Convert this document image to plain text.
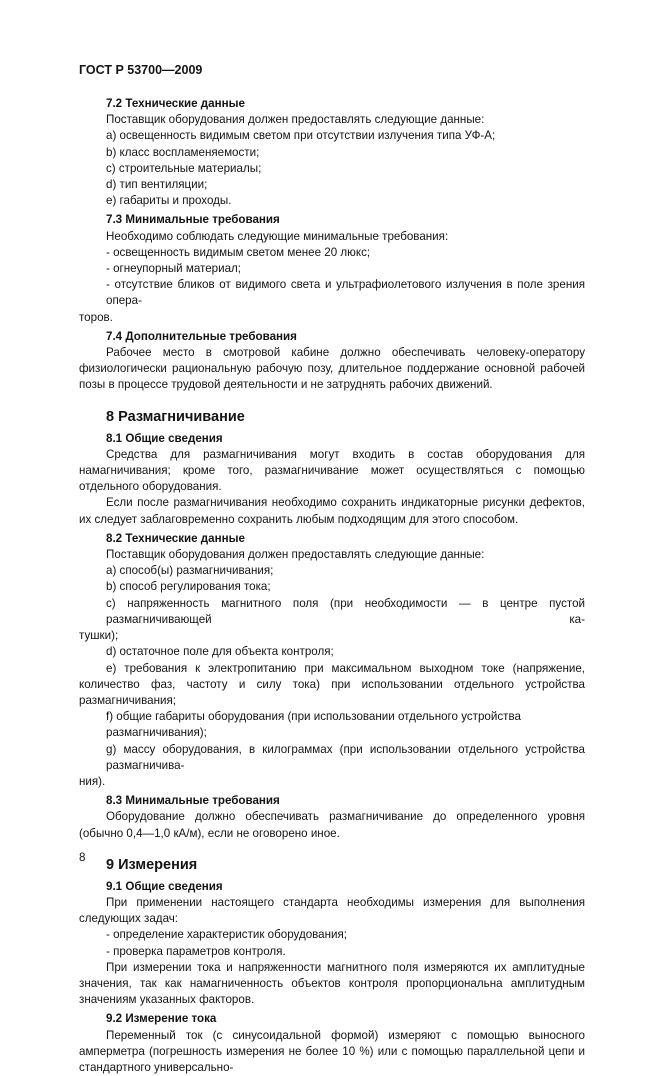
ГОСТ Р 53700—2009
7.2 Технические данные
Поставщик оборудования должен предоставлять следующие данные:
a) освещенность видимым светом при отсутствии излучения типа УФ-А;
b) класс воспламеняемости;
c) строительные материалы;
d) тип вентиляции;
e) габариты и проходы.
7.3 Минимальные требования
Необходимо соблюдать следующие минимальные требования:
- освещенность видимым светом менее 20 люкс;
- огнеупорный материал;
- отсутствие бликов от видимого света и ультрафиолетового излучения в поле зрения опера-
торов.
7.4 Дополнительные требования
Рабочее место в смотровой кабине должно обеспечивать человеку-оператору физиологически рациональную рабочую позу, длительное поддержание основной рабочей позы в процессе трудовой деятельности и не затруднять рабочих движений.
8 Размагничивание
8.1 Общие сведения
Средства для размагничивания могут входить в состав оборудования для намагничивания; кроме того, размагничивание может осуществляться с помощью отдельного оборудования.
Если после размагничивания необходимо сохранить индикаторные рисунки дефектов, их следует заблаговременно сохранить любым подходящим для этого способом.
8.2 Технические данные
Поставщик оборудования должен предоставлять следующие данные:
a) способ(ы) размагничивания;
b) способ регулирования тока;
c) напряженность магнитного поля (при необходимости — в центре пустой размагничивающей ка-
тушки);
d) остаточное поле для объекта контроля;
e) требования к электропитанию при максимальном выходном токе (напряжение, количество фаз, частоту и силу тока) при использовании отдельного устройства размагничивания;
f) общие габариты оборудования (при использовании отдельного устройства размагничивания);
g) массу оборудования, в килограммах (при использовании отдельного устройства размагничива-
ния).
8.3 Минимальные требования
Оборудование должно обеспечивать размагничивание до определенного уровня (обычно 0,4—1,0 кА/м), если не оговорено иное.
9 Измерения
9.1 Общие сведения
При применении настоящего стандарта необходимы измерения для выполнения следующих задач:
- определение характеристик оборудования;
- проверка параметров контроля.
При измерении тока и напряженности магнитного поля измеряются их амплитудные значения, так как намагниченность объектов контроля пропорциональна амплитудным значениям указанных факторов.
9.2 Измерение тока
Переменный ток (с синусоидальной формой) измеряют с помощью выносного амперметра (погрешность измерения не более 10 %) или с помощью параллельной цепи и стандартного универсально-
8
